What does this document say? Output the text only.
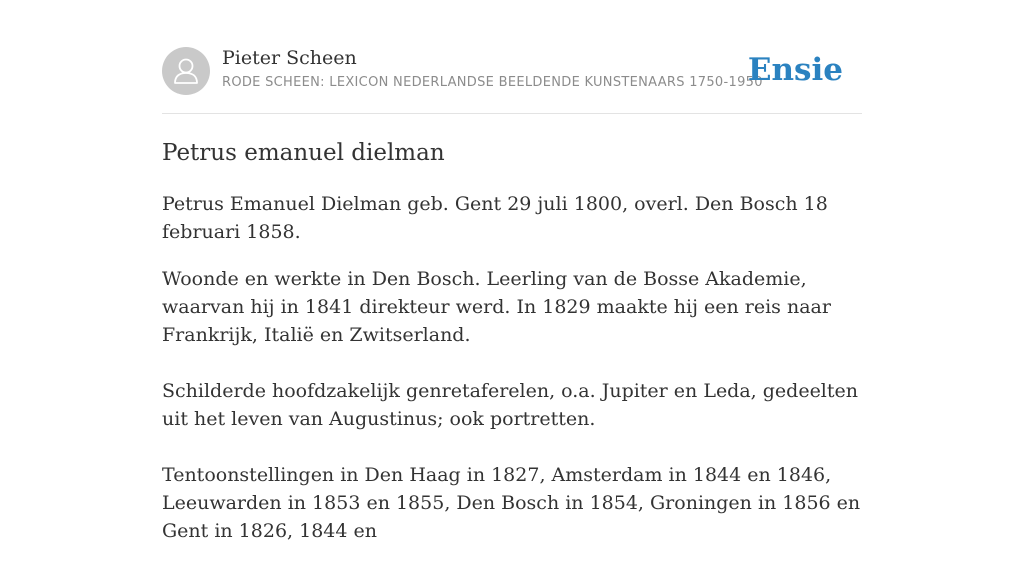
Pieter Scheen
RODE SCHEEN: LEXICON NEDERLANDSE BEELDENDE KUNSTENAARS 1750-1950
Ensie
Petrus emanuel dielman

Petrus Emanuel Dielman geb. Gent 29 juli 1800, overl. Den Bosch 18 februari 1858.

Woonde en werkte in Den Bosch. Leerling van de Bosse Akademie, waarvan hij in 1841 direkteur werd. In 1829 maakte hij een reis naar Frankrijk, Italië en Zwitserland.

Schilderde hoofdzakelijk genretaferelen, o.a. Jupiter en Leda, gedeelten uit het leven van Augustinus; ook portretten.

Tentoonstellingen in Den Haag in 1827, Amsterdam in 1844 en 1846, Leeuwarden in 1853 en 1855, Den Bosch in 1854, Groningen in 1856 en Gent in 1826, 1844 en
